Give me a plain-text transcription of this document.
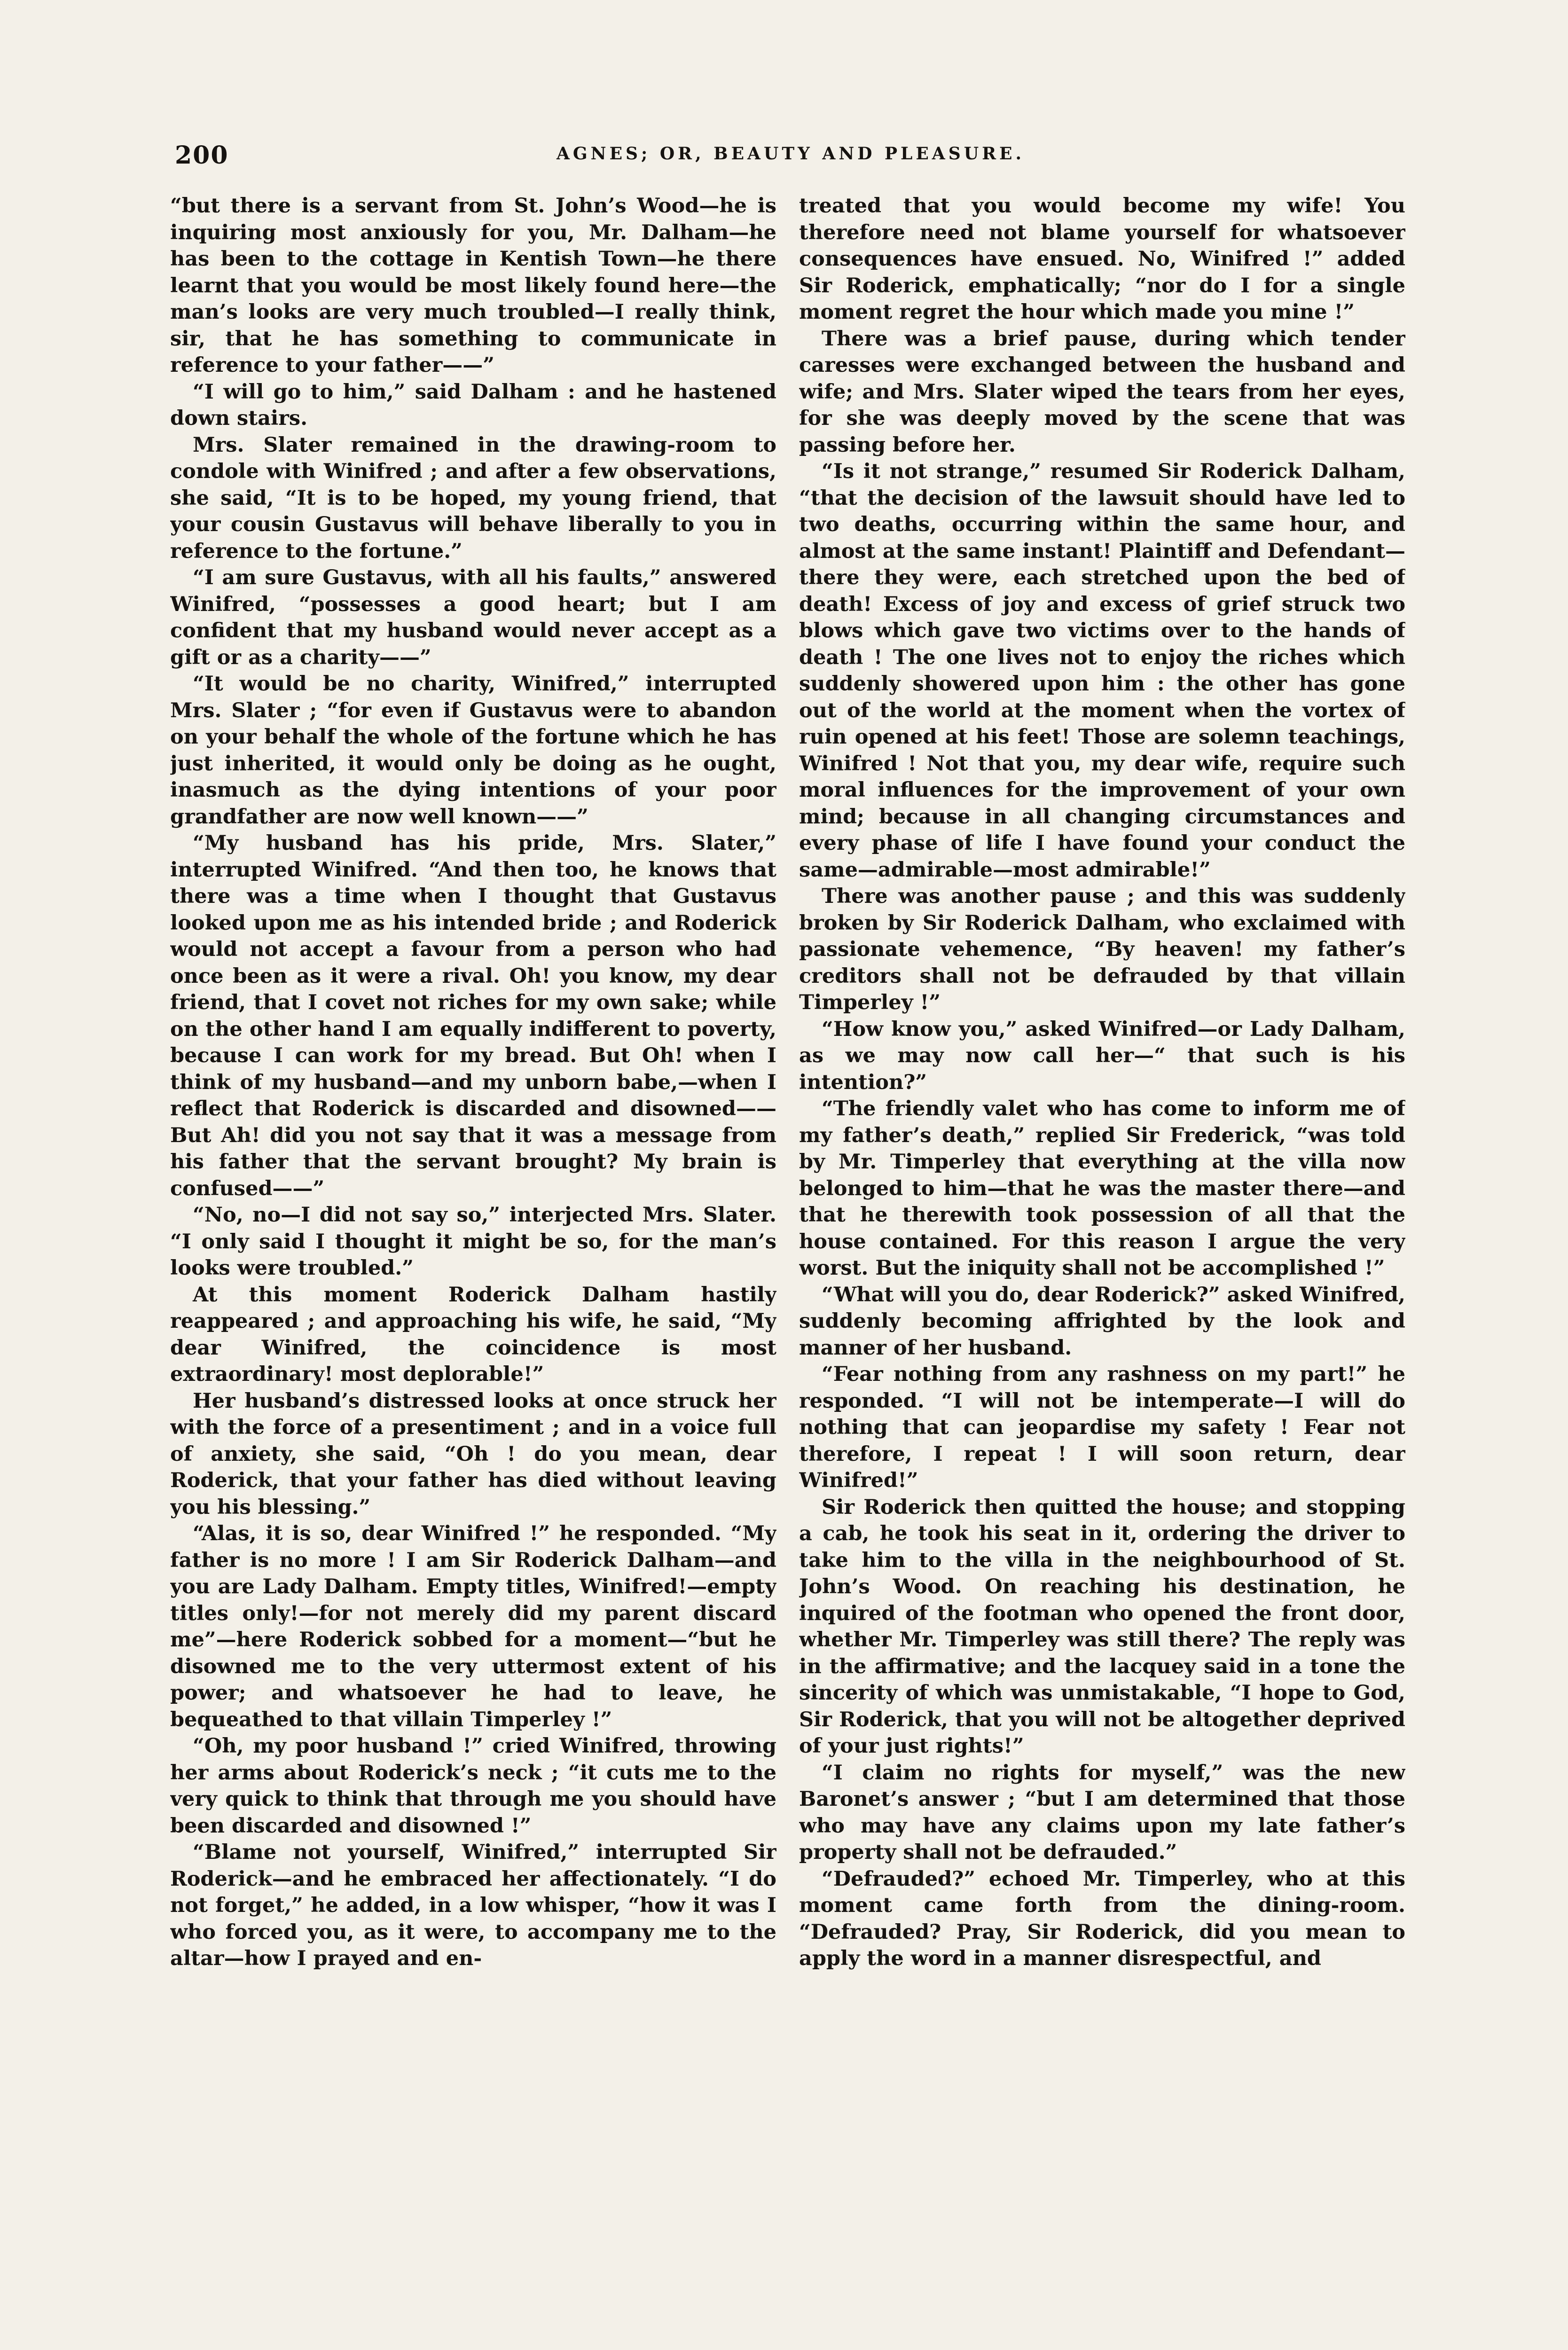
200	AGNES; OR, BEAUTY AND PLEASURE.

“but there is a servant from St. John’s Wood—he is inquiring most anxiously for you, Mr. Dalham—he has been to the cottage in Kentish Town—he there learnt that you would be most likely found here—the man’s looks are very much troubled—I really think, sir, that he has something to communicate in reference to your father——”

“I will go to him,” said Dalham : and he hastened down stairs.

Mrs. Slater remained in the drawing-room to condole with Winifred ; and after a few observations, she said, “It is to be hoped, my young friend, that your cousin Gustavus will behave liberally to you in reference to the fortune.”

“I am sure Gustavus, with all his faults,” answered Winifred, “possesses a good heart; but I am confident that my husband would never accept as a gift or as a charity——”

“It would be no charity, Winifred,” interrupted Mrs. Slater ; “for even if Gustavus were to abandon on your behalf the whole of the fortune which he has just inherited, it would only be doing as he ought, inasmuch as the dying intentions of your poor grandfather are now well known——”

“My husband has his pride, Mrs. Slater,” interrupted Winifred. “And then too, he knows that there was a time when I thought that Gustavus looked upon me as his intended bride ; and Roderick would not accept a favour from a person who had once been as it were a rival. Oh! you know, my dear friend, that I covet not riches for my own sake; while on the other hand I am equally indifferent to poverty, because I can work for my bread. But Oh! when I think of my husband—and my unborn babe,—when I reflect that Roderick is discarded and disowned——But Ah! did you not say that it was a message from his father that the servant brought? My brain is confused——”

“No, no—I did not say so,” interjected Mrs. Slater. “I only said I thought it might be so, for the man’s looks were troubled.”

At this moment Roderick Dalham hastily reappeared ; and approaching his wife, he said, “My dear Winifred, the coincidence is most extraordinary! most deplorable!”

Her husband’s distressed looks at once struck her with the force of a presentiment ; and in a voice full of anxiety, she said, “Oh ! do you mean, dear Roderick, that your father has died without leaving you his blessing.”

“Alas, it is so, dear Winifred !” he responded. “My father is no more ! I am Sir Roderick Dalham—and you are Lady Dalham. Empty titles, Winifred!—empty titles only!—for not merely did my parent discard me”—here Roderick sobbed for a moment—“but he disowned me to the very uttermost extent of his power; and whatsoever he had to leave, he bequeathed to that villain Timperley !”

“Oh, my poor husband !” cried Winifred, throwing her arms about Roderick’s neck ; “it cuts me to the very quick to think that through me you should have been discarded and disowned !”

“Blame not yourself, Winifred,” interrupted Sir Roderick—and he embraced her affectionately. “I do not forget,” he added, in a low whisper, “how it was I who forced you, as it were, to accompany me to the altar—how I prayed and en-

treated that you would become my wife! You therefore need not blame yourself for whatsoever consequences have ensued. No, Winifred !” added Sir Roderick, emphatically; “nor do I for a single moment regret the hour which made you mine !”

There was a brief pause, during which tender caresses were exchanged between the husband and wife; and Mrs. Slater wiped the tears from her eyes, for she was deeply moved by the scene that was passing before her.

“Is it not strange,” resumed Sir Roderick Dalham, “that the decision of the lawsuit should have led to two deaths, occurring within the same hour, and almost at the same instant! Plaintiff and Defendant—there they were, each stretched upon the bed of death! Excess of joy and excess of grief struck two blows which gave two victims over to the hands of death ! The one lives not to enjoy the riches which suddenly showered upon him : the other has gone out of the world at the moment when the vortex of ruin opened at his feet! Those are solemn teachings, Winifred ! Not that you, my dear wife, require such moral influences for the improvement of your own mind; because in all changing circumstances and every phase of life I have found your conduct the same—admirable—most admirable!”

There was another pause ; and this was suddenly broken by Sir Roderick Dalham, who exclaimed with passionate vehemence, “By heaven! my father’s creditors shall not be defrauded by that villain Timperley !”

“How know you,” asked Winifred—or Lady Dalham, as we may now call her—“ that such is his intention?”

“The friendly valet who has come to inform me of my father’s death,” replied Sir Frederick, “was told by Mr. Timperley that everything at the villa now belonged to him—that he was the master there—and that he therewith took possession of all that the house contained. For this reason I argue the very worst. But the iniquity shall not be accomplished !”

“What will you do, dear Roderick?” asked Winifred, suddenly becoming affrighted by the look and manner of her husband.

“Fear nothing from any rashness on my part!” he responded. “I will not be intemperate—I will do nothing that can jeopardise my safety ! Fear not therefore, I repeat ! I will soon return, dear Winifred!”

Sir Roderick then quitted the house; and stopping a cab, he took his seat in it, ordering the driver to take him to the villa in the neighbourhood of St. John’s Wood. On reaching his destination, he inquired of the footman who opened the front door, whether Mr. Timperley was still there? The reply was in the affirmative; and the lacquey said in a tone the sincerity of which was unmistakable, “I hope to God, Sir Roderick, that you will not be altogether deprived of your just rights!”

“I claim no rights for myself,” was the new Baronet’s answer ; “but I am determined that those who may have any claims upon my late father’s property shall not be defrauded.”

“Defrauded?” echoed Mr. Timperley, who at this moment came forth from the dining-room. “Defrauded? Pray, Sir Roderick, did you mean to apply the word in a manner disrespectful, and
